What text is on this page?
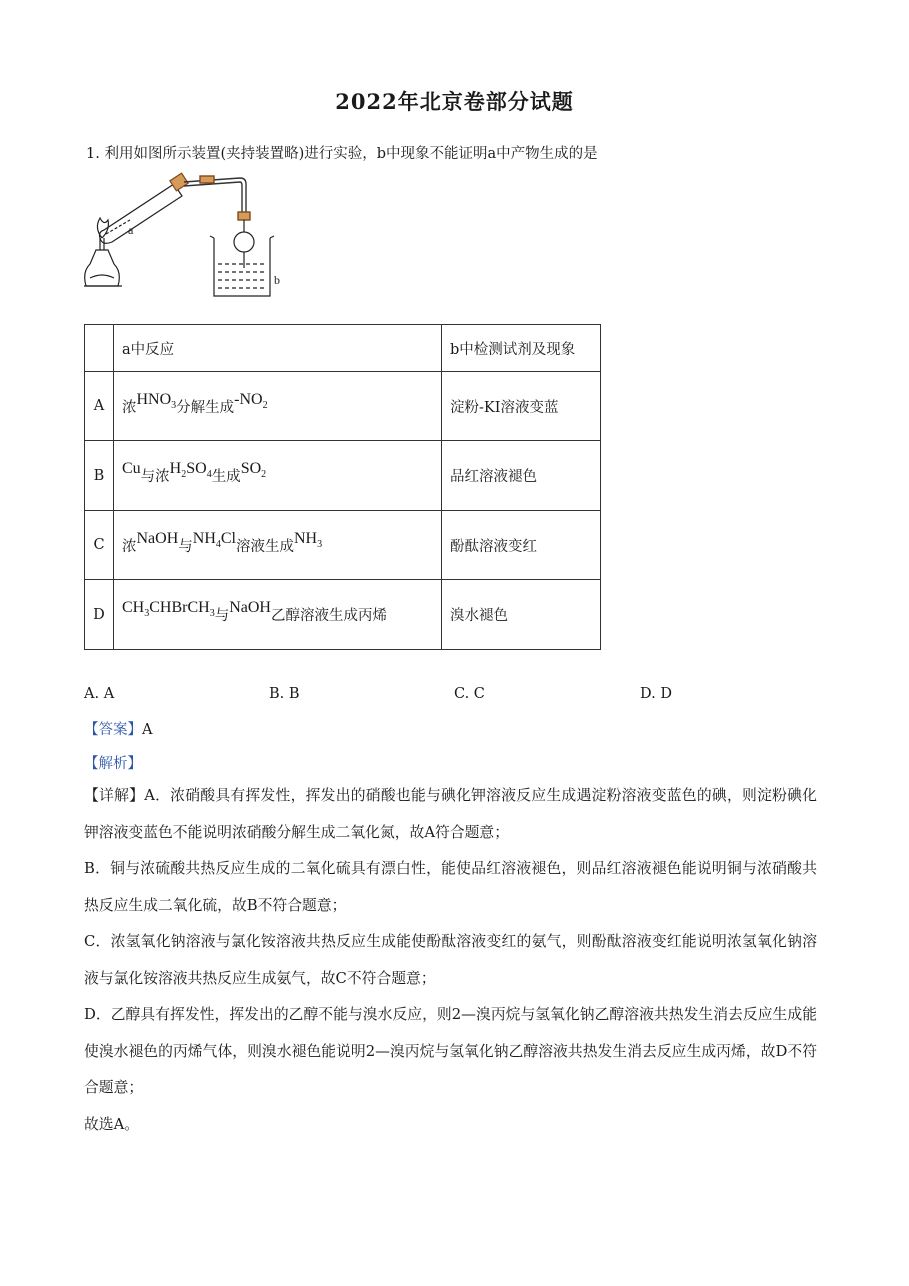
2022年北京卷部分试题
1. 利用如图所示装置(夹持装置略)进行实验，b中现象不能证明a中产物生成的是
a
b
	a中反应	b中检测试剂及现象
A	浓$HNO_3$分解生成$-NO_2$	淀粉-KI溶液变蓝
B	Cu与浓$H_2SO_4$生成$SO_2$	品红溶液褪色
C	浓NaOH与$NH_4Cl$溶液生成$NH_3$	酚酞溶液变红
D	$CH_3CHBrCH_3$与NaOH乙醇溶液生成丙烯	溴水褪色
A. A	B. B	C. C	D. D
【答案】A
【解析】

【详解】A．浓硝酸具有挥发性，挥发出的硝酸也能与碘化钾溶液反应生成遇淀粉溶液变蓝色的碘，则淀粉碘化钾溶液变蓝色不能说明浓硝酸分解生成二氧化氮，故A符合题意；

B．铜与浓硫酸共热反应生成的二氧化硫具有漂白性，能使品红溶液褪色，则品红溶液褪色能说明铜与浓硝酸共热反应生成二氧化硫，故B不符合题意；

C．浓氢氧化钠溶液与氯化铵溶液共热反应生成能使酚酞溶液变红的氨气，则酚酞溶液变红能说明浓氢氧化钠溶液与氯化铵溶液共热反应生成氨气，故C不符合题意；

D．乙醇具有挥发性，挥发出的乙醇不能与溴水反应，则2—溴丙烷与氢氧化钠乙醇溶液共热发生消去反应生成能使溴水褪色的丙烯气体，则溴水褪色能说明2—溴丙烷与氢氧化钠乙醇溶液共热发生消去反应生成丙烯，故D不符合题意；

故选A。
